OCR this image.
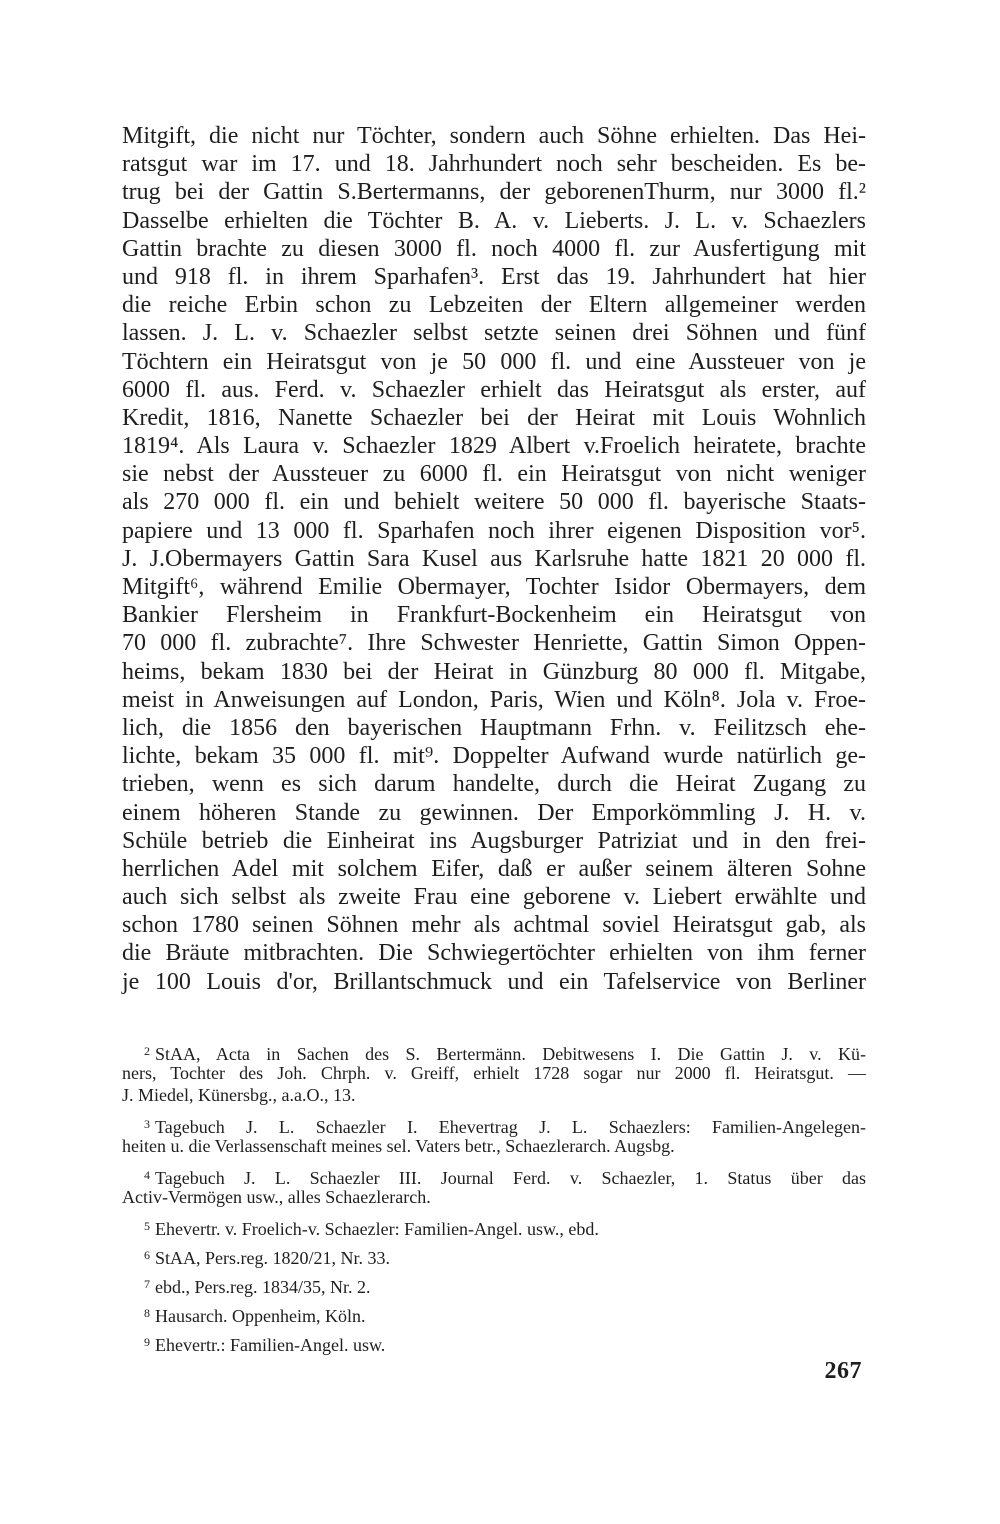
Mitgift, die nicht nur Töchter, sondern auch Söhne erhielten. Das Hei-
ratsgut war im 17. und 18. Jahrhundert noch sehr bescheiden. Es be-
trug bei der Gattin S.Bertermanns, der geborenenThurm, nur 3000 fl.²
Dasselbe erhielten die Töchter B. A. v. Lieberts. J. L. v. Schaezlers
Gattin brachte zu diesen 3000 fl. noch 4000 fl. zur Ausfertigung mit
und 918 fl. in ihrem Sparhafen³. Erst das 19. Jahrhundert hat hier
die reiche Erbin schon zu Lebzeiten der Eltern allgemeiner werden
lassen. J. L. v. Schaezler selbst setzte seinen drei Söhnen und fünf
Töchtern ein Heiratsgut von je 50 000 fl. und eine Aussteuer von je
6000 fl. aus. Ferd. v. Schaezler erhielt das Heiratsgut als erster, auf
Kredit, 1816, Nanette Schaezler bei der Heirat mit Louis Wohnlich
1819⁴. Als Laura v. Schaezler 1829 Albert v.Froelich heiratete, brachte
sie nebst der Aussteuer zu 6000 fl. ein Heiratsgut von nicht weniger
als 270 000 fl. ein und behielt weitere 50 000 fl. bayerische Staats-
papiere und 13 000 fl. Sparhafen noch ihrer eigenen Disposition vor⁵.
J. J.Obermayers Gattin Sara Kusel aus Karlsruhe hatte 1821 20 000 fl.
Mitgift⁶, während Emilie Obermayer, Tochter Isidor Obermayers, dem
Bankier Flersheim in Frankfurt-Bockenheim ein Heiratsgut von
70 000 fl. zubrachte⁷. Ihre Schwester Henriette, Gattin Simon Oppen-
heims, bekam 1830 bei der Heirat in Günzburg 80 000 fl. Mitgabe,
meist in Anweisungen auf London, Paris, Wien und Köln⁸. Jola v. Froe-
lich, die 1856 den bayerischen Hauptmann Frhn. v. Feilitzsch ehe-
lichte, bekam 35 000 fl. mit⁹. Doppelter Aufwand wurde natürlich ge-
trieben, wenn es sich darum handelte, durch die Heirat Zugang zu
einem höheren Stande zu gewinnen. Der Emporkömmling J. H. v.
Schüle betrieb die Einheirat ins Augsburger Patriziat und in den frei-
herrlichen Adel mit solchem Eifer, daß er außer seinem älteren Sohne
auch sich selbst als zweite Frau eine geborene v. Liebert erwählte und
schon 1780 seinen Söhnen mehr als achtmal soviel Heiratsgut gab, als
die Bräute mitbrachten. Die Schwiegertöchter erhielten von ihm ferner
je 100 Louis d'or, Brillantschmuck und ein Tafelservice von Berliner
$^2$ StAA, Acta in Sachen des S. Bertermänn. Debitwesens I. Die Gattin J. v. Kü-
ners, Tochter des Joh. Chrph. v. Greiff, erhielt 1728 sogar nur 2000 fl. Heiratsgut. —
J. Miedel, Künersbg., a.a.O., 13.
$^3$ Tagebuch J. L. Schaezler I. Ehevertrag J. L. Schaezlers: Familien-Angelegen-
heiten u. die Verlassenschaft meines sel. Vaters betr., Schaezlerarch. Augsbg.
$^4$ Tagebuch J. L. Schaezler III. Journal Ferd. v. Schaezler, 1. Status über das
Activ-Vermögen usw., alles Schaezlerarch.
$^5$ Ehevertr. v. Froelich-v. Schaezler: Familien-Angel. usw., ebd.
$^6$ StAA, Pers.reg. 1820/21, Nr. 33.
$^7$ ebd., Pers.reg. 1834/35, Nr. 2.
$^8$ Hausarch. Oppenheim, Köln.
$^9$ Ehevertr.: Familien-Angel. usw.
267
